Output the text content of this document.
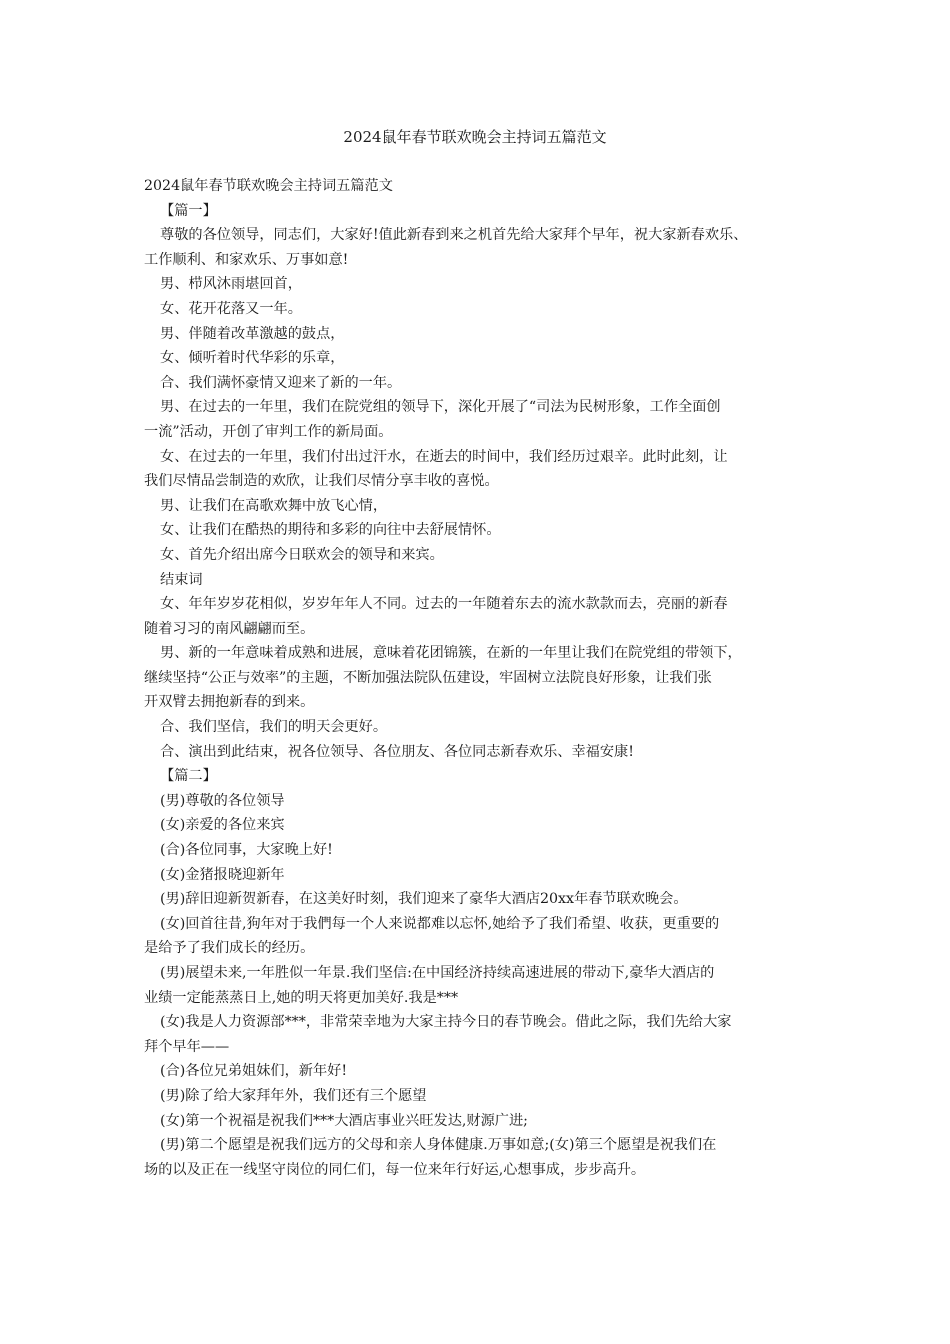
2024鼠年春节联欢晚会主持词五篇范文

2024鼠年春节联欢晚会主持词五篇范文

【篇一】

尊敬的各位领导，同志们，大家好!值此新春到来之机首先给大家拜个早年，祝大家新春欢乐、

工作顺利、和家欢乐、万事如意!

男、栉风沐雨堪回首，

女、花开花落又一年。

男、伴随着改革激越的鼓点，

女、倾听着时代华彩的乐章，

合、我们满怀豪情又迎来了新的一年。

男、在过去的一年里，我们在院党组的领导下，深化开展了“司法为民树形象，工作全面创

一流”活动，开创了审判工作的新局面。

女、在过去的一年里，我们付出过汗水，在逝去的时间中，我们经历过艰辛。此时此刻，让

我们尽情品尝制造的欢欣，让我们尽情分享丰收的喜悦。

男、让我们在高歌欢舞中放飞心情，

女、让我们在酷热的期待和多彩的向往中去舒展情怀。

女、首先介绍出席今日联欢会的领导和来宾。

结束词

女、年年岁岁花相似，岁岁年年人不同。过去的一年随着东去的流水款款而去，亮丽的新春

随着习习的南风翩翩而至。

男、新的一年意味着成熟和进展，意味着花团锦簇，在新的一年里让我们在院党组的带领下，

继续坚持“公正与效率”的主题，不断加强法院队伍建设，牢固树立法院良好形象，让我们张

开双臂去拥抱新春的到来。

合、我们坚信，我们的明天会更好。

合、演出到此结束，祝各位领导、各位朋友、各位同志新春欢乐、幸福安康!

【篇二】

(男)尊敬的各位领导

(女)亲爱的各位来宾

(合)各位同事，大家晚上好!

(女)金猪报晓迎新年

(男)辞旧迎新贺新春，在这美好时刻，我们迎来了豪华大酒店20xx年春节联欢晚会。

(女)回首往昔,狗年对于我們每一个人来说都难以忘怀,她给予了我们希望、收获，更重要的

是给予了我们成长的经历。

(男)展望未来,一年胜似一年景.我们坚信:在中国经济持续高速进展的带动下,豪华大酒店的

业绩一定能蒸蒸日上,她的明天将更加美好.我是***

(女)我是人力资源部***，非常荣幸地为大家主持今日的春节晚会。借此之际，我们先给大家

拜个早年——

(合)各位兄弟姐妹们，新年好!

(男)除了给大家拜年外，我们还有三个愿望

(女)第一个祝福是祝我们***大酒店事业兴旺发达,财源广进;

(男)第二个愿望是祝我们远方的父母和亲人身体健康.万事如意;(女)第三个愿望是祝我们在

场的以及正在一线坚守岗位的同仁们，每一位来年行好运,心想事成，步步高升。
